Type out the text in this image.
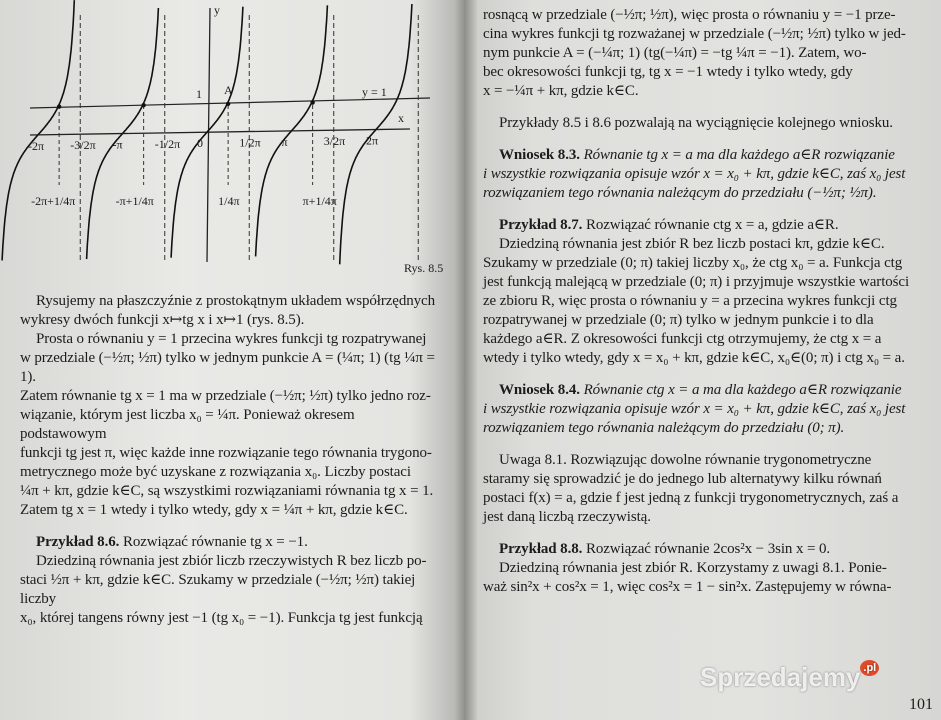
-2π -3/2π -π	-1/2π 0	1/2π π	3/2π 2π
-2π+1/4π	-π+1/4π	1/4π	π+1/4π
x
y
1 A	y = 1
Rys. 8.5
Rysujemy na płaszczyźnie z prostokątnym układem współrzędnych
wykresy dwóch funkcji x↦tg x i x↦1 (rys. 8.5).
Prosta o równaniu y = 1 przecina wykres funkcji tg rozpatrywanej
w przedziale (−½π; ½π) tylko w jednym punkcie A = (¼π; 1) (tg ¼π = 1).
Zatem równanie tg x = 1 ma w przedziale (−½π; ½π) tylko jedno roz-
wiązanie, którym jest liczba x₀ = ¼π. Ponieważ okresem podstawowym
funkcji tg jest π, więc każde inne rozwiązanie tego równania trygono-
metrycznego może być uzyskane z rozwiązania x₀. Liczby postaci
¼π + kπ, gdzie k∈C, są wszystkimi rozwiązaniami równania tg x = 1.
Zatem tg x = 1 wtedy i tylko wtedy, gdy x = ¼π + kπ, gdzie k∈C.
Przykład 8.6. Rozwiązać równanie tg x = −1.
Dziedziną równania jest zbiór liczb rzeczywistych R bez liczb po-
staci ½π + kπ, gdzie k∈C. Szukamy w przedziale (−½π; ½π) takiej liczby
x₀, której tangens równy jest −1 (tg x₀ = −1). Funkcja tg jest funkcją
rosnącą w przedziale (−½π; ½π), więc prosta o równaniu y = −1 prze-
cina wykres funkcji tg rozważanej w przedziale (−½π; ½π) tylko w jed-
nym punkcie A = (−¼π; 1) (tg(−¼π) = −tg ¼π = −1). Zatem, wo-
bec okresowości funkcji tg, tg x = −1 wtedy i tylko wtedy, gdy
x = −¼π + kπ, gdzie k∈C.
Przykłady 8.5 i 8.6 pozwalają na wyciągnięcie kolejnego wniosku.
Wniosek 8.3. Równanie tg x = a ma dla każdego a∈R rozwiązanie
i wszystkie rozwiązania opisuje wzór x = x₀ + kπ, gdzie k∈C, zaś x₀ jest
rozwiązaniem tego równania należącym do przedziału (−½π; ½π).
Przykład 8.7. Rozwiązać równanie ctg x = a, gdzie a∈R.
Dziedziną równania jest zbiór R bez liczb postaci kπ, gdzie k∈C.
Szukamy w przedziale (0; π) takiej liczby x₀, że ctg x₀ = a. Funkcja ctg
jest funkcją malejącą w przedziale (0; π) i przyjmuje wszystkie wartości
ze zbioru R, więc prosta o równaniu y = a przecina wykres funkcji ctg
rozpatrywanej w przedziale (0; π) tylko w jednym punkcie i to dla
każdego a∈R. Z okresowości funkcji ctg otrzymujemy, że ctg x = a
wtedy i tylko wtedy, gdy x = x₀ + kπ, gdzie k∈C, x₀∈(0; π) i ctg x₀ = a.
Wniosek 8.4. Równanie ctg x = a ma dla każdego a∈R rozwiązanie
i wszystkie rozwiązania opisuje wzór x = x₀ + kπ, gdzie k∈C, zaś x₀ jest
rozwiązaniem tego równania należącym do przedziału (0; π).
Uwaga 8.1. Rozwiązując dowolne równanie trygonometryczne
staramy się sprowadzić je do jednego lub alternatywy kilku równań
postaci f(x) = a, gdzie f jest jedną z funkcji trygonometrycznych, zaś a
jest daną liczbą rzeczywistą.
Przykład 8.8. Rozwiązać równanie 2cos²x − 3sin x = 0.
Dziedziną równania jest zbiór R. Korzystamy z uwagi 8.1. Ponie-
waż sin²x + cos²x = 1, więc cos²x = 1 − sin²x. Zastępujemy w równa-
101
Sprzedajemy $^{.pl}$
